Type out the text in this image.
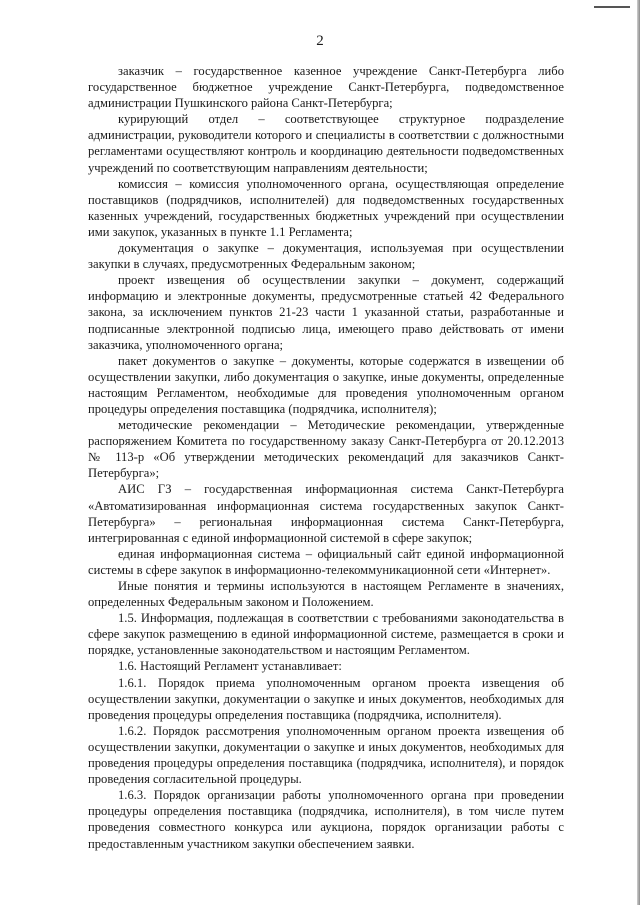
2

заказчик – государственное казенное учреждение Санкт-Петербурга либо государственное бюджетное учреждение Санкт-Петербурга, подведомственное администрации Пушкинского района Санкт-Петербурга;

курирующий отдел – соответствующее структурное подразделение администрации, руководители которого и специалисты в соответствии с должностными регламентами осуществляют контроль и координацию деятельности подведомственных учреждений по соответствующим направлениям деятельности;

комиссия – комиссия уполномоченного органа, осуществляющая определение поставщиков (подрядчиков, исполнителей) для подведомственных государственных казенных учреждений, государственных бюджетных учреждений при осуществлении ими закупок, указанных в пункте 1.1 Регламента;

документация о закупке – документация, используемая при осуществлении закупки в случаях, предусмотренных Федеральным законом;

проект извещения об осуществлении закупки – документ, содержащий информацию и электронные документы, предусмотренные статьей 42 Федерального закона, за исключением пунктов 21-23 части 1 указанной статьи, разработанные и подписанные электронной подписью лица, имеющего право действовать от имени заказчика, уполномоченного органа;

пакет документов о закупке – документы, которые содержатся в извещении об осуществлении закупки, либо документация о закупке, иные документы, определенные настоящим Регламентом, необходимые для проведения уполномоченным органом процедуры определения поставщика (подрядчика, исполнителя);

методические рекомендации – Методические рекомендации, утвержденные распоряжением Комитета по государственному заказу Санкт-Петербурга от 20.12.2013 № 113-р «Об утверждении методических рекомендаций для заказчиков Санкт-Петербурга»;

АИС ГЗ – государственная информационная система Санкт-Петербурга «Автоматизированная информационная система государственных закупок Санкт-Петербурга» – региональная информационная система Санкт-Петербурга, интегрированная с единой информационной системой в сфере закупок;

единая информационная система – официальный сайт единой информационной системы в сфере закупок в информационно-телекоммуникационной сети «Интернет».

Иные понятия и термины используются в настоящем Регламенте в значениях, определенных Федеральным законом и Положением.

1.5. Информация, подлежащая в соответствии с требованиями законодательства в сфере закупок размещению в единой информационной системе, размещается в сроки и порядке, установленные законодательством и настоящим Регламентом.

1.6. Настоящий Регламент устанавливает:

1.6.1. Порядок приема уполномоченным органом проекта извещения об осуществлении закупки, документации о закупке и иных документов, необходимых для проведения процедуры определения поставщика (подрядчика, исполнителя).

1.6.2. Порядок рассмотрения уполномоченным органом проекта извещения об осуществлении закупки, документации о закупке и иных документов, необходимых для проведения процедуры определения поставщика (подрядчика, исполнителя), и порядок проведения согласительной процедуры.

1.6.3. Порядок организации работы уполномоченного органа при проведении процедуры определения поставщика (подрядчика, исполнителя), в том числе путем проведения совместного конкурса или аукциона, порядок организации работы с предоставленным участником закупки обеспечением заявки.
